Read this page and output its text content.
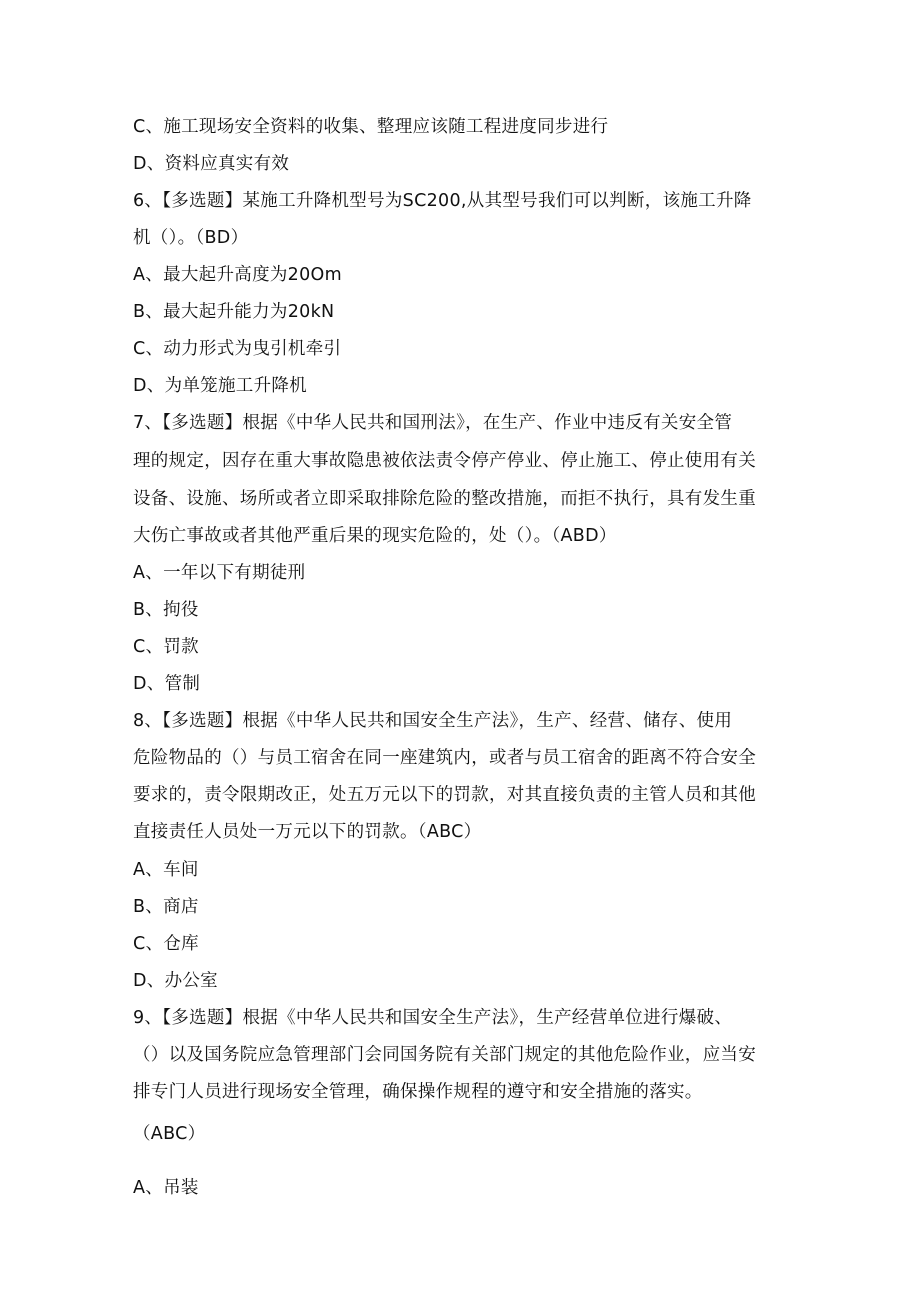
C、施工现场安全资料的收集、整理应该随工程进度同步进行
D、资料应真实有效
6、【多选题】某施工升降机型号为SC200,从其型号我们可以判断，该施工升降
机（）。（BD）
A、最大起升高度为20Om
B、最大起升能力为20kN
C、动力形式为曳引机牵引
D、为单笼施工升降机
7、【多选题】根据《中华人民共和国刑法》，在生产、作业中违反有关安全管
理的规定，因存在重大事故隐患被依法责令停产停业、停止施工、停止使用有关
设备、设施、场所或者立即采取排除危险的整改措施，而拒不执行，具有发生重
大伤亡事故或者其他严重后果的现实危险的，处（）。（ABD）
A、一年以下有期徒刑
B、拘役
C、罚款
D、管制
8、【多选题】根据《中华人民共和国安全生产法》，生产、经营、储存、使用
危险物品的（）与员工宿舍在同一座建筑内，或者与员工宿舍的距离不符合安全
要求的，责令限期改正，处五万元以下的罚款，对其直接负责的主管人员和其他
直接责任人员处一万元以下的罚款。（ABC）
A、车间
B、商店
C、仓库
D、办公室
9、【多选题】根据《中华人民共和国安全生产法》，生产经营单位进行爆破、
（）以及国务院应急管理部门会同国务院有关部门规定的其他危险作业，应当安
排专门人员进行现场安全管理，确保操作规程的遵守和安全措施的落实。
（ABC）
A、吊装
